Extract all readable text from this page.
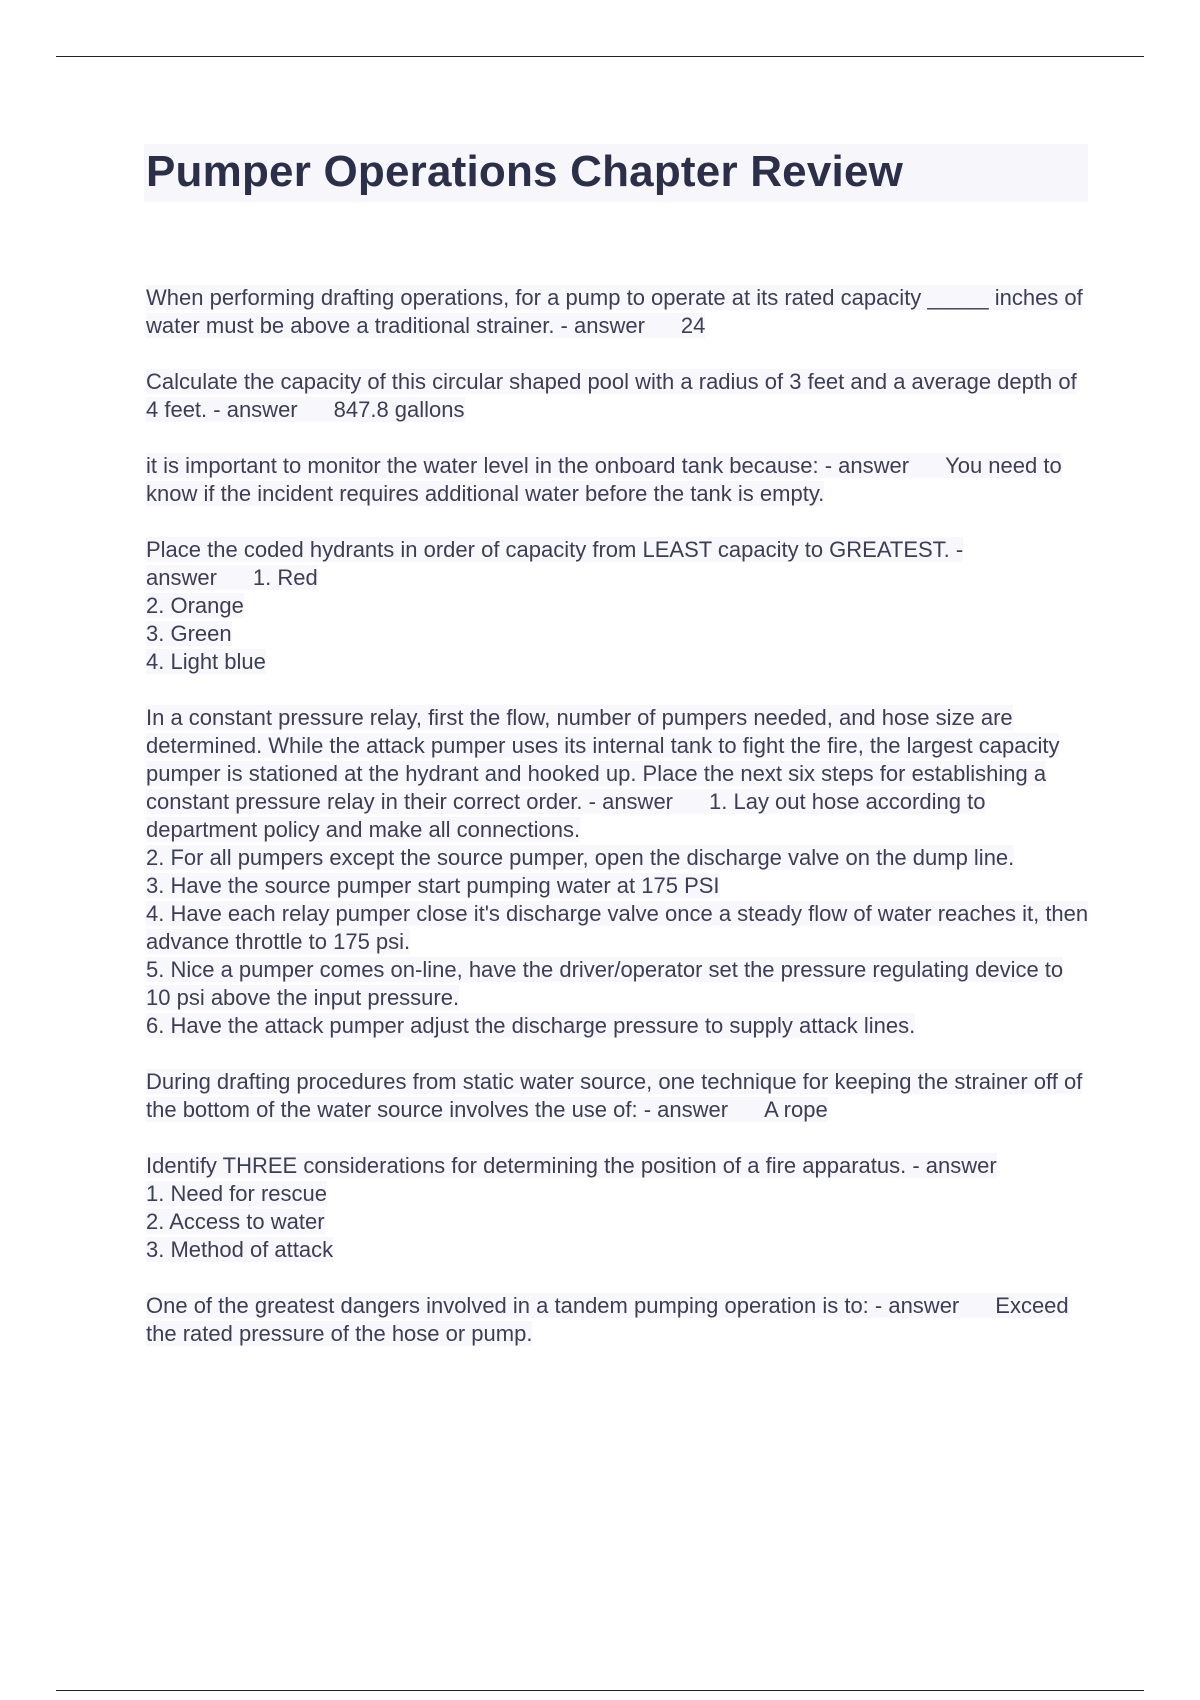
Pumper Operations Chapter Review

When performing drafting operations, for a pump to operate at its rated capacity _____ inches of water must be above a traditional strainer. - answer 24

Calculate the capacity of this circular shaped pool with a radius of 3 feet and a average depth of 4 feet. - answer 847.8 gallons

it is important to monitor the water level in the onboard tank because: - answer You need to know if the incident requires additional water before the tank is empty.

Place the coded hydrants in order of capacity from LEAST capacity to GREATEST. - answer 1. Red

2. Orange
3. Green
4. Light blue

In a constant pressure relay, first the flow, number of pumpers needed, and hose size are determined. While the attack pumper uses its internal tank to fight the fire, the largest capacity pumper is stationed at the hydrant and hooked up. Place the next six steps for establishing a constant pressure relay in their correct order. - answer 1. Lay out hose according to department policy and make all connections.

2. For all pumpers except the source pumper, open the discharge valve on the dump line.
3. Have the source pumper start pumping water at 175 PSI
4. Have each relay pumper close it's discharge valve once a steady flow of water reaches it, then advance throttle to 175 psi.
5. Nice a pumper comes on-line, have the driver/operator set the pressure regulating device to 10 psi above the input pressure.
6. Have the attack pumper adjust the discharge pressure to supply attack lines.

During drafting procedures from static water source, one technique for keeping the strainer off of the bottom of the water source involves the use of: - answer A rope

Identify THREE considerations for determining the position of a fire apparatus. - answer

1. Need for rescue
2. Access to water
3. Method of attack

One of the greatest dangers involved in a tandem pumping operation is to: - answer Exceed the rated pressure of the hose or pump.
